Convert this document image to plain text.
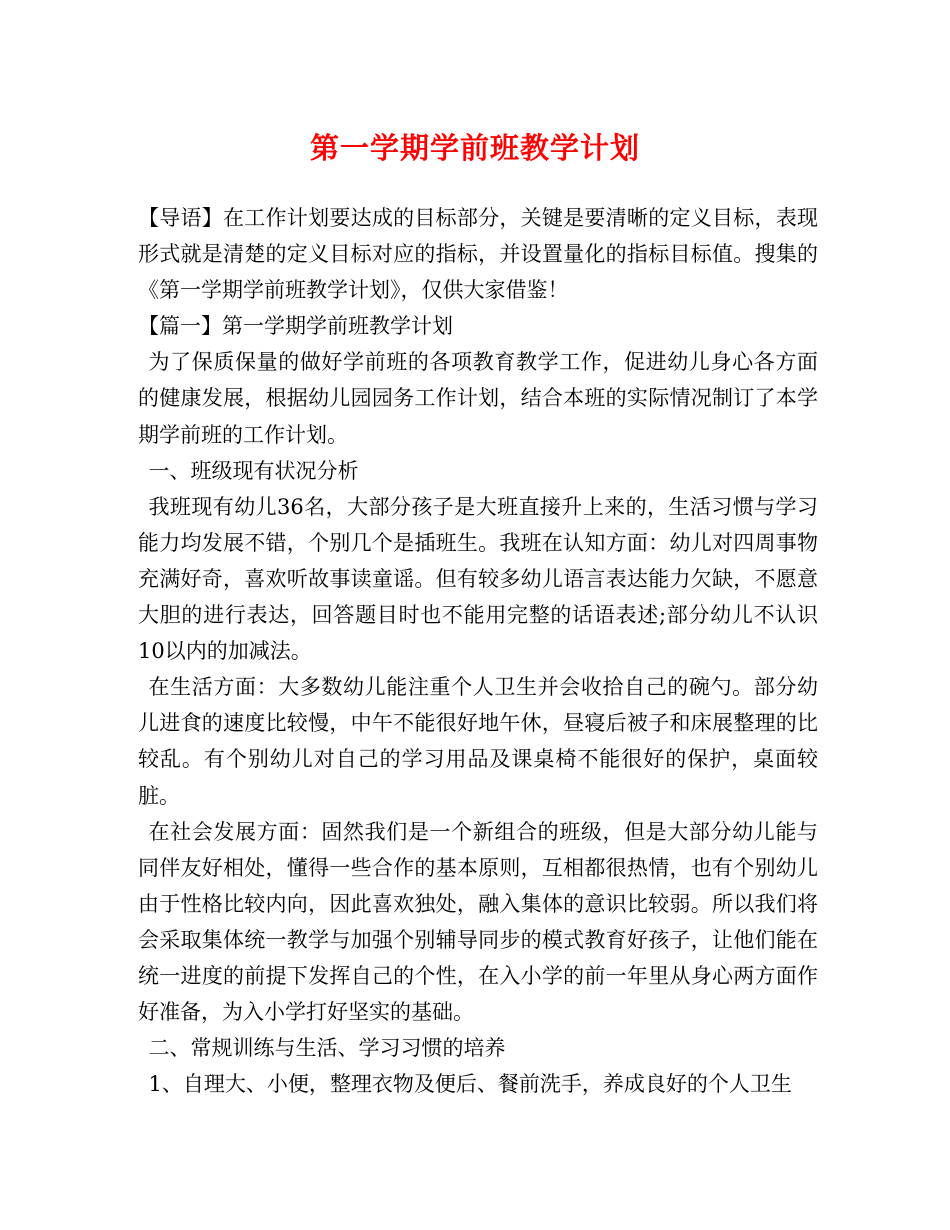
第一学期学前班教学计划

【导语】在工作计划要达成的目标部分，关键是要清晰的定义目标，表现形式就是清楚的定义目标对应的指标，并设置量化的指标目标值。搜集的《第一学期学前班教学计划》，仅供大家借鉴！

【篇一】第一学期学前班教学计划

为了保质保量的做好学前班的各项教育教学工作，促进幼儿身心各方面的健康发展，根据幼儿园园务工作计划，结合本班的实际情况制订了本学期学前班的工作计划。

一、班级现有状况分析

我班现有幼儿36名，大部分孩子是大班直接升上来的，生活习惯与学习能力均发展不错，个别几个是插班生。我班在认知方面：幼儿对四周事物充满好奇，喜欢听故事读童谣。但有较多幼儿语言表达能力欠缺，不愿意大胆的进行表达，回答题目时也不能用完整的话语表述;部分幼儿不认识10以内的加减法。

在生活方面：大多数幼儿能注重个人卫生并会收拾自己的碗勺。部分幼儿进食的速度比较慢，中午不能很好地午休，昼寝后被子和床展整理的比较乱。有个别幼儿对自己的学习用品及课桌椅不能很好的保护，桌面较脏。

在社会发展方面：固然我们是一个新组合的班级，但是大部分幼儿能与同伴友好相处，懂得一些合作的基本原则，互相都很热情，也有个别幼儿由于性格比较内向，因此喜欢独处，融入集体的意识比较弱。所以我们将会采取集体统一教学与加强个别辅导同步的模式教育好孩子，让他们能在统一进度的前提下发挥自己的个性，在入小学的前一年里从身心两方面作好准备，为入小学打好坚实的基础。

二、常规训练与生活、学习习惯的培养

1、自理大、小便，整理衣物及便后、餐前洗手，养成良好的个人卫生
